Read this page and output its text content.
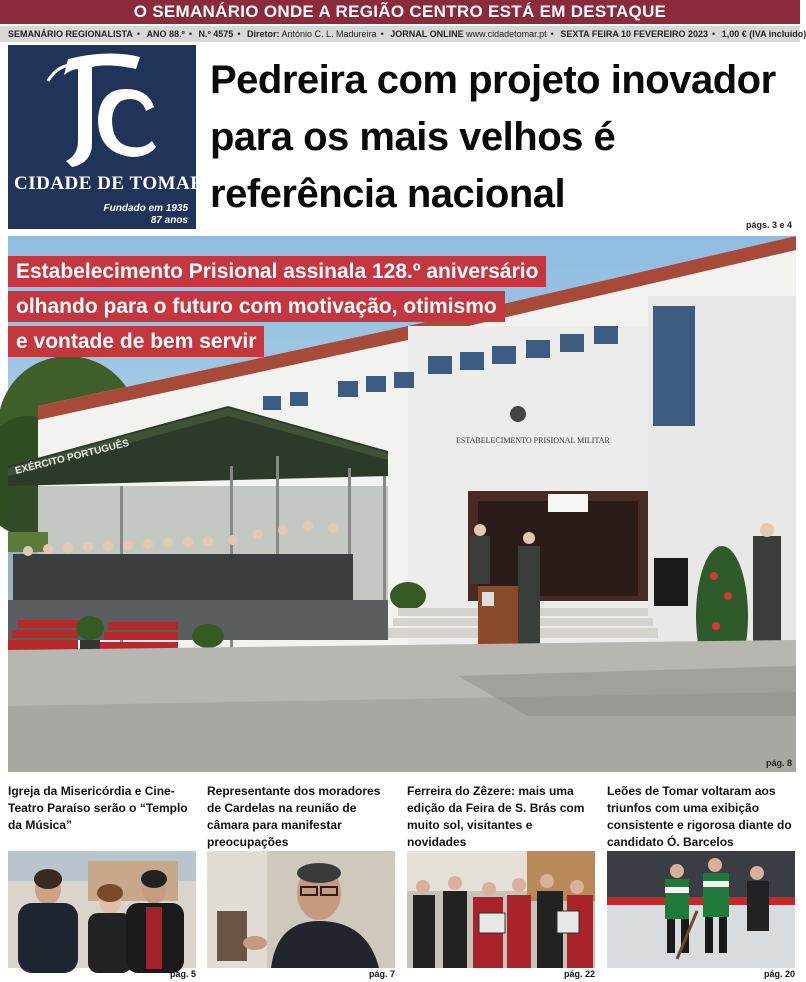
O SEMANÁRIO ONDE A REGIÃO CENTRO ESTÁ EM DESTAQUE
SEMANÁRIO REGIONALISTA • ANO 88.º • N.º 4575 • Diretor: António C. L. Madureira • JORNAL ONLINE www.cidadetomar.pt • SEXTA FEIRA 10 FEVEREIRO 2023 • 1,00 € (IVA incluído)
CIDADE DE TOMAR
Fundado em 1935
87 anos
Pedreira com projeto inovador para os mais velhos é referência nacional
págs. 3 e 4
ESTABELECIMENTO PRISIONAL MILITAR
EXÉRCITO PORTUGUÊS
Estabelecimento Prisional assinala 128.º aniversário
olhando para o futuro com motivação, otimismo
e vontade de bem servir
pág. 8
Igreja da Misericórdia e Cine-Teatro Paraíso serão o “Templo da Música”
pág. 5
Representante dos moradores de Cardelas na reunião de câmara para manifestar preocupações
pág. 7
Ferreira do Zêzere: mais uma edição da Feira de S. Brás com muito sol, visitantes e novidades
pág. 22
Leões de Tomar voltaram aos triunfos com uma exibição consistente e rigorosa diante do candidato Ó. Barcelos
pág. 20
